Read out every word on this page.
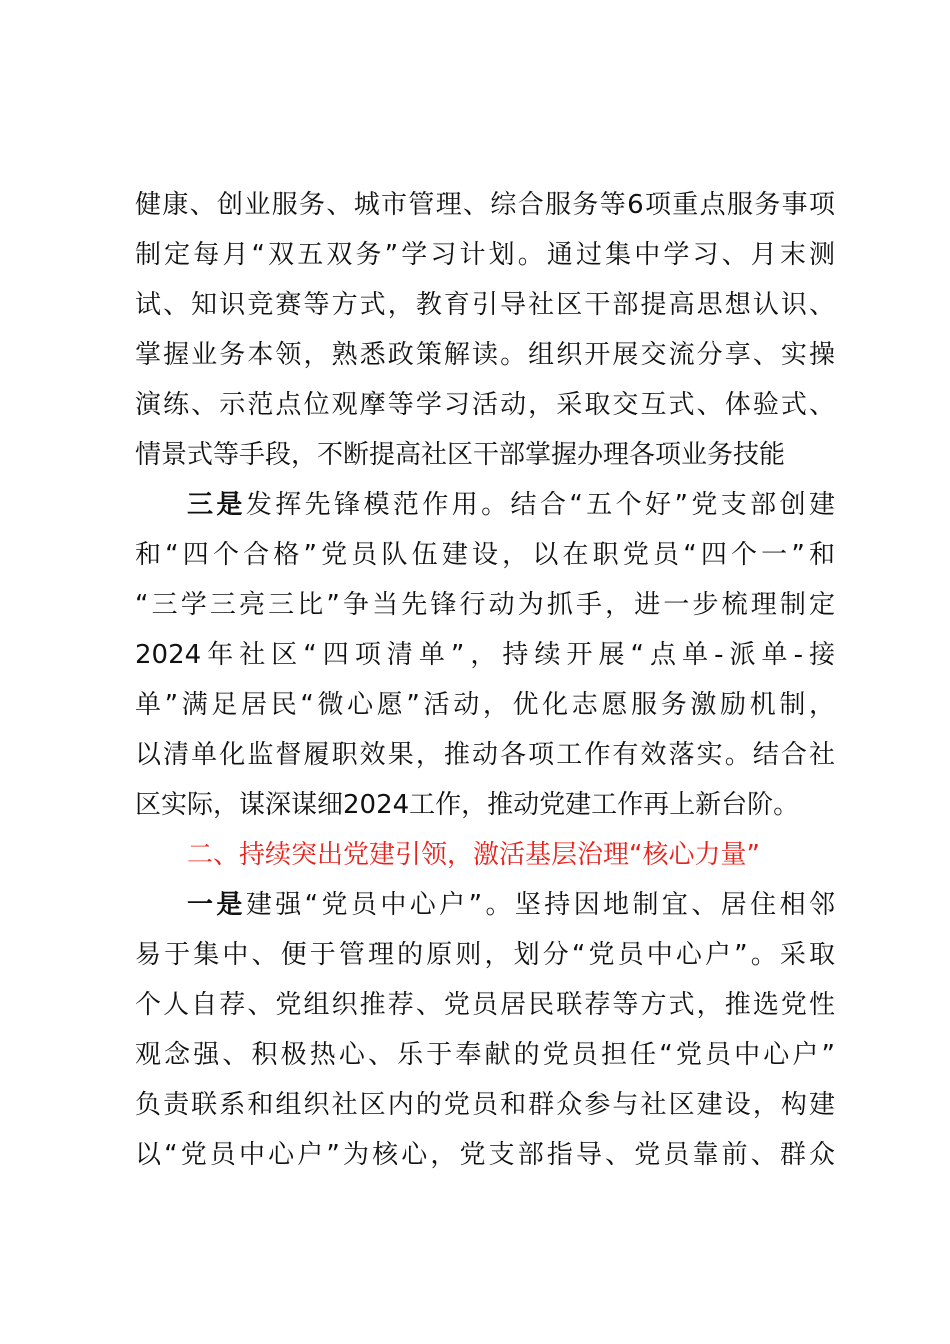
健康、创业服务、城市管理、综合服务等6项重点服务事项
制定每月“双五双务”学习计划。通过集中学习、月末测
试、知识竞赛等方式，教育引导社区干部提高思想认识、
掌握业务本领，熟悉政策解读。组织开展交流分享、实操
演练、示范点位观摩等学习活动，采取交互式、体验式、
情景式等手段，不断提高社区干部掌握办理各项业务技能
三是发挥先锋模范作用。结合“五个好”党支部创建
和“四个合格”党员队伍建设，以在职党员“四个一”和
“三学三亮三比”争当先锋行动为抓手，进一步梳理制定
2024年社区“四项清单”，持续开展“点单-派单-接
单”满足居民“微心愿”活动，优化志愿服务激励机制，
以清单化监督履职效果，推动各项工作有效落实。结合社
区实际，谋深谋细2024工作，推动党建工作再上新台阶。
二、持续突出党建引领，激活基层治理“核心力量”
一是建强“党员中心户”。坚持因地制宜、居住相邻
易于集中、便于管理的原则，划分“党员中心户”。采取
个人自荐、党组织推荐、党员居民联荐等方式，推选党性
观念强、积极热心、乐于奉献的党员担任“党员中心户”
负责联系和组织社区内的党员和群众参与社区建设，构建
以“党员中心户”为核心，党支部指导、党员靠前、群众
